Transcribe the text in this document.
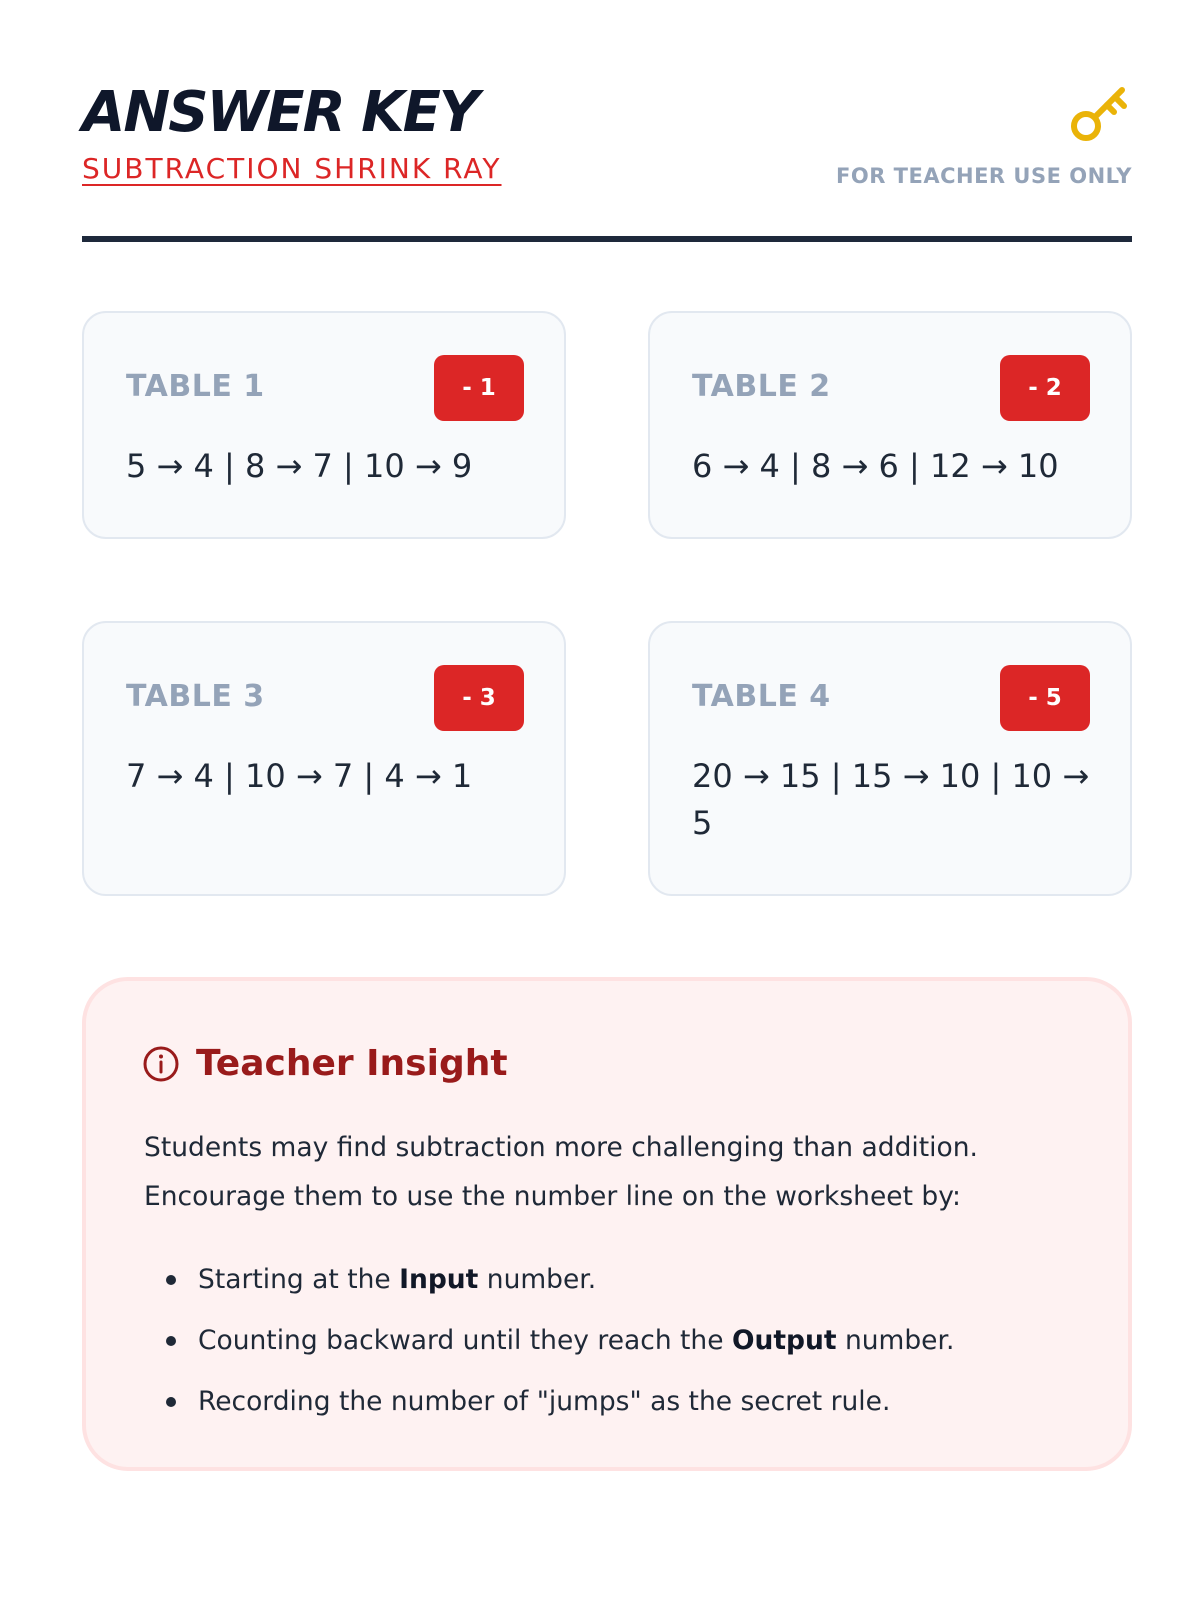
ANSWER KEY
SUBTRACTION SHRINK RAY	FOR TEACHER USE ONLY
TABLE 1	- 1
5 → 4 | 8 → 7 | 10 → 9
TABLE 2	- 2
6 → 4 | 8 → 6 | 12 → 10
TABLE 3	- 3
7 → 4 | 10 → 7 | 4 → 1
TABLE 4	- 5
20 → 15 | 15 → 10 | 10 → 5
Teacher Insight
Students may find subtraction more challenging than addition. Encourage them to use the number line on the worksheet by:
Starting at the Input number.
Counting backward until they reach the Output number.
Recording the number of "jumps" as the secret rule.
